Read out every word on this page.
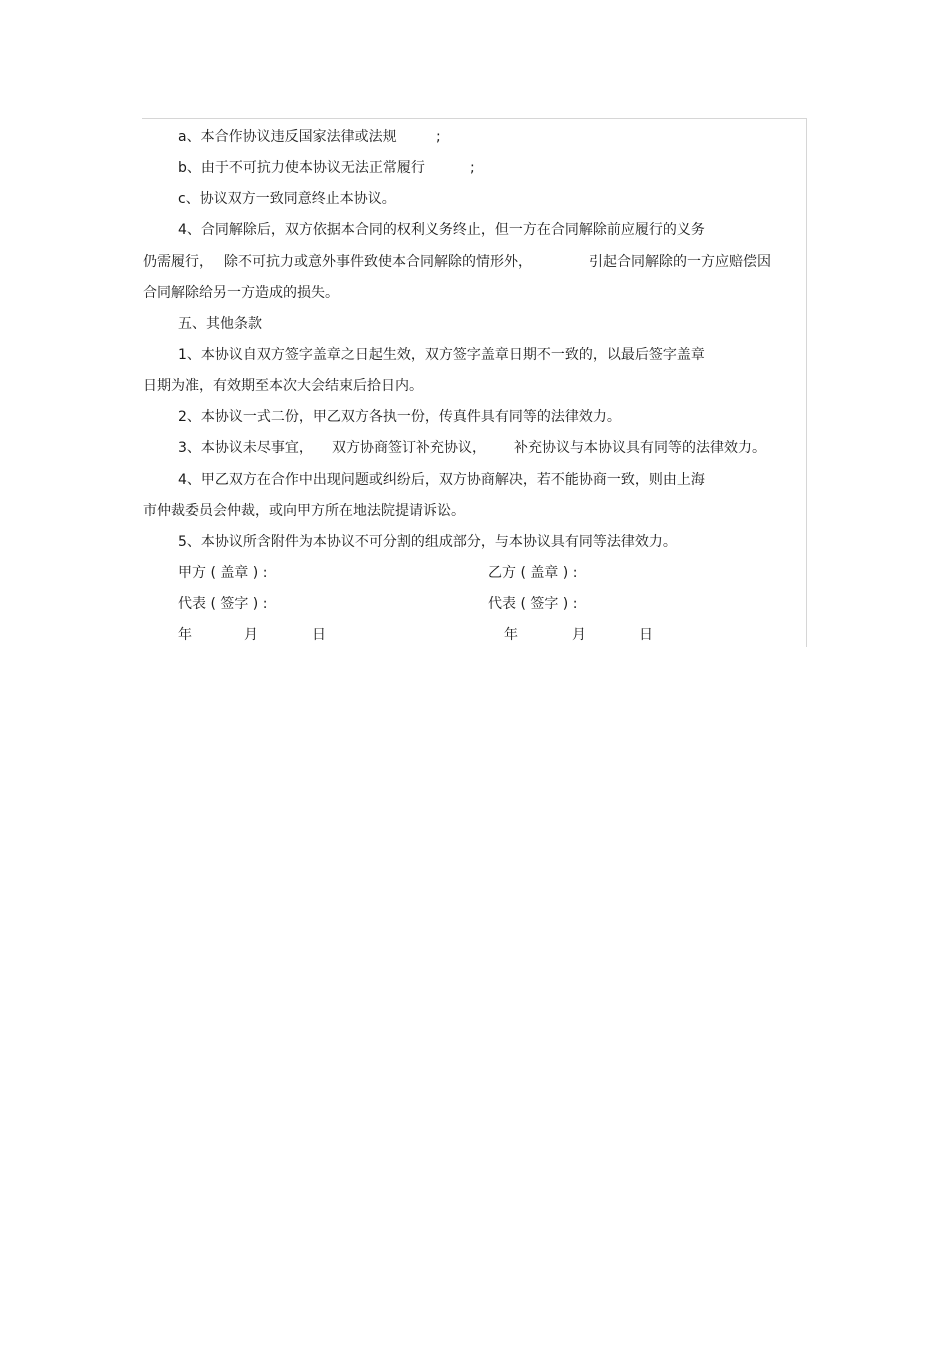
a、本合作协议违反国家法律或法规	;
b、由于不可抗力使本协议无法正常履行	;
c、协议双方一致同意终止本协议。
4、合同解除后，双方依据本合同的权利义务终止，但一方在合同解除前应履行的义务
仍需履行， 除不可抗力或意外事件致使本合同解除的情形外，	引起合同解除的一方应赔偿因
合同解除给另一方造成的损失。
五、其他条款
1、本协议自双方签字盖章之日起生效，双方签字盖章日期不一致的，以最后签字盖章
日期为准，有效期至本次大会结束后拾日内。
2、本协议一式二份，甲乙双方各执一份，传真件具有同等的法律效力。
3、本协议未尽事宜， 双方协商签订补充协议， 补充协议与本协议具有同等的法律效力。
4、甲乙双方在合作中出现问题或纠纷后，双方协商解决，若不能协商一致，则由上海
市仲裁委员会仲裁，或向甲方所在地法院提请诉讼。
5、本协议所含附件为本协议不可分割的组成部分，与本协议具有同等法律效力。
甲方 ( 盖章 ) :	乙方 ( 盖章 ) :
代表 ( 签字 ) :	代表 ( 签字 ) :
年	月	日	年	月	日
